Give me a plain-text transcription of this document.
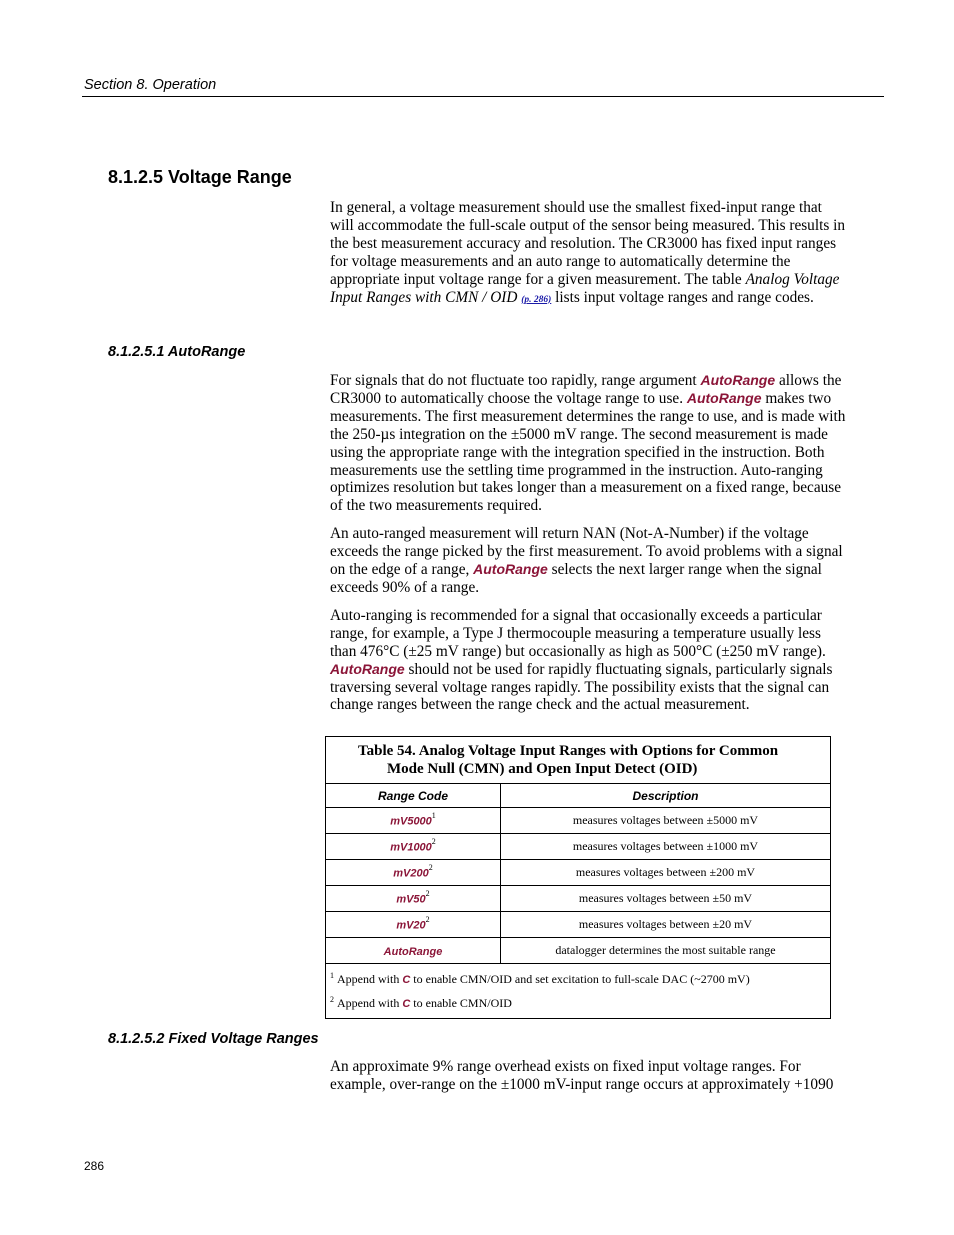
Section 8. Operation
8.1.2.5 Voltage Range

In general, a voltage measurement should use the smallest fixed-input range that will accommodate the full-scale output of the sensor being measured. This results in the best measurement accuracy and resolution. The CR3000 has fixed input ranges for voltage measurements and an auto range to automatically determine the appropriate input voltage range for a given measurement. The table Analog Voltage Input Ranges with CMN / OID (p. 286) lists input voltage ranges and range codes.

8.1.2.5.1 AutoRange

For signals that do not fluctuate too rapidly, range argument AutoRange allows the CR3000 to automatically choose the voltage range to use. AutoRange makes two measurements. The first measurement determines the range to use, and is made with the 250-µs integration on the ±5000 mV range. The second measurement is made using the appropriate range with the integration specified in the instruction. Both measurements use the settling time programmed in the instruction. Auto-ranging optimizes resolution but takes longer than a measurement on a fixed range, because of the two measurements required.

An auto-ranged measurement will return NAN (Not-A-Number) if the voltage exceeds the range picked by the first measurement. To avoid problems with a signal on the edge of a range, AutoRange selects the next larger range when the signal exceeds 90% of a range.

Auto-ranging is recommended for a signal that occasionally exceeds a particular range, for example, a Type J thermocouple measuring a temperature usually less than 476°C (±25 mV range) but occasionally as high as 500°C (±250 mV range). AutoRange should not be used for rapidly fluctuating signals, particularly signals traversing several voltage ranges rapidly. The possibility exists that the signal can change ranges between the range check and the actual measurement.

Table 54. Analog Voltage Input Ranges with Options for Common
Mode Null (CMN) and Open Input Detect (OID)
Range Code	Description
mV5000$^1$	measures voltages between ±5000 mV
mV1000$^2$	measures voltages between ±1000 mV
$mV200^2$	measures voltages between ±200 mV
$mV50^2$	measures voltages between ±50 mV
$mV20^2$	measures voltages between ±20 mV
AutoRange	datalogger determines the most suitable range
$^1$ Append with C to enable CMN/OID and set excitation to full-scale DAC (~2700 mV)
$^2$ Append with C to enable CMN/OID
8.1.2.5.2 Fixed Voltage Ranges

An approximate 9% range overhead exists on fixed input voltage ranges. For example, over-range on the ±1000 mV-input range occurs at approximately +1090

286
